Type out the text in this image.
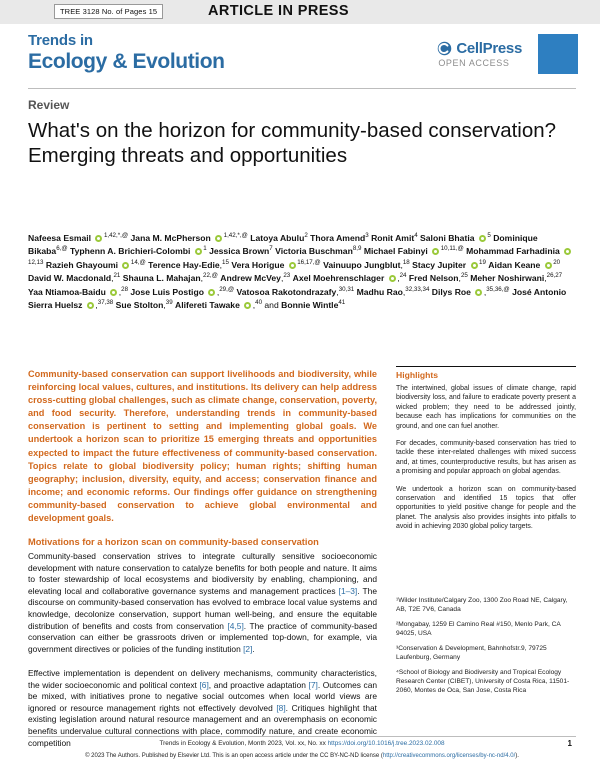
TREE 3128 No. of Pages 15	ARTICLE IN PRESS
Trends in
Ecology & Evolution
CellPress
OPEN ACCESS
Review
What's on the horizon for community-based conservation? Emerging threats and opportunities
Nafeesa Esmail $^{1,42,*,@}$ Jana M. McPherson $^{1,42,*,@}$ Latoya Abulu$^2$ Thora Amend$^3$ Ronit Amit$^4$ Saloni Bhatia $^5$ Dominique Bikaba$^{6,@}$ Typhenn A. Brichieri-Colombi $^1$ Jessica Brown$^7$ Victoria Buschman$^{8,9}$ Michael Fabinyi $^{10,11,@}$ Mohammad Farhadinia $^{12,13}$ Razieh Ghayoumi $^{14,@}$ Terence Hay-Edie,$^{15}$ Vera Horigue $^{16,17,@}$ Vainuupo Jungblut,$^{18}$ Stacy Jupiter $^{19}$ Aidan Keane $^{20}$ David W. Macdonald,$^{21}$ Shauna L. Mahajan,$^{22,@}$ Andrew McVey,$^{23}$ Axel Moehrenschlager ,$^{24}$ Fred Nelson,$^{25}$ Meher Noshirwani,$^{26,27}$ Yaa Ntiamoa-Baidu ,$^{28}$ Jose Luis Postigo ,$^{29,@}$ Vatosoa Rakotondrazafy,$^{30,31}$ Madhu Rao,$^{32,33,34}$ Dilys Roe ,$^{35,36,@}$ José Antonio Sierra Huelsz ,$^{37,38}$ Sue Stolton,$^{39}$ Alifereti Tawake ,$^{40}$ and Bonnie Wintle$^{41}$
Community-based conservation can support livelihoods and biodiversity, while reinforcing local values, cultures, and institutions. Its delivery can help address cross-cutting global challenges, such as climate change, conservation, poverty, and food security. Therefore, understanding trends in community-based conservation is pertinent to setting and implementing global goals. We undertook a horizon scan to prioritize 15 emerging threats and opportunities expected to impact the future effectiveness of community-based conservation. Topics relate to global biodiversity policy; human rights; shifting human geography; inclusion, diversity, equity, and access; conservation finance and income; and economic reforms. Our findings offer guidance on strengthening community-based conservation to achieve global environmental and development goals.
Motivations for a horizon scan on community-based conservation
Community-based conservation strives to integrate culturally sensitive socioeconomic development with nature conservation to catalyze benefits for both people and nature. It aims to foster stewardship of local ecosystems and biodiversity by enabling, championing, and elevating local and collaborative governance systems and management practices [1–3]. The discourse on community-based conservation has evolved to embrace local value systems and knowledge, decolonize conservation, support human well-being, and ensure the equitable distribution of benefits and costs from conservation [4,5]. The practice of community-based conservation can either be grassroots driven or implemented top-down, for example, via government directives or policies of the funding institution [2].
Effective implementation is dependent on delivery mechanisms, community characteristics, the wider socioeconomic and political context [6], and proactive adaptation [7]. Outcomes can be mixed, with initiatives prone to negative social outcomes when local world views are ignored or resource management rights not effectively devolved [8]. Critiques highlight that existing legislation around natural resource management and an overemphasis on economic benefits undervalue cultural connections with place, commodify nature, and create economic competition
Highlights

The intertwined, global issues of climate change, rapid biodiversity loss, and failure to eradicate poverty present a wicked problem; they need to be addressed jointly, because each has implications for communities on the ground, and one can fuel another.

For decades, community-based conservation has tried to tackle these inter-related challenges with mixed success and, at times, counterproductive results, but has arisen as a promising and popular approach on global agendas.

We undertook a horizon scan on community-based conservation and identified 15 topics that offer opportunities to yield positive change for people and the planet. The analysis also provides insights into pitfalls to avoid in achieving 2030 global policy targets.

¹Wilder Institute/Calgary Zoo, 1300 Zoo Road NE, Calgary, AB, T2E 7V6, Canada

²Mongabay, 1259 El Camino Real #150, Menlo Park, CA 94025, USA

³Conservation & Development, Bahnhofstr.9, 79725 Laufenburg, Germany

⁴School of Biology and Biodiversity and Tropical Ecology Research Center (CIBET), University of Costa Rica, 11501-2060, Montes de Oca, San Jose, Costa Rica

Trends in Ecology & Evolution, Month 2023, Vol. xx, No. xx https://doi.org/10.1016/j.tree.2023.02.008	1
© 2023 The Authors. Published by Elsevier Ltd. This is an open access article under the CC BY-NC-ND license (http://creativecommons.org/licenses/by-nc-nd/4.0/).
